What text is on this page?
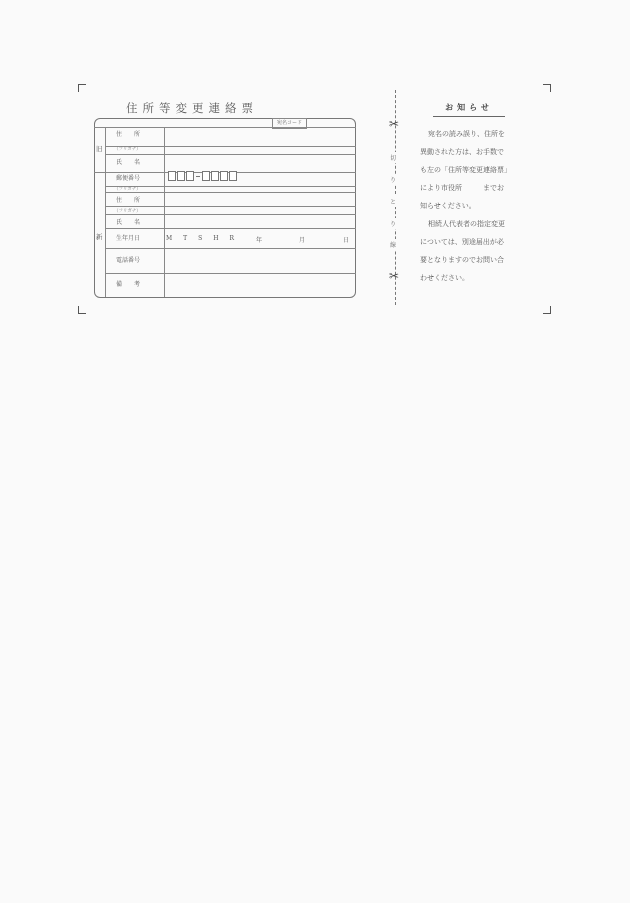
住所等変更連絡票
旧
新
住　　所
（フリガナ）
氏　　名
郵便番号
（フリガナ）
住　　所
（フリガナ）
氏　　名
生年月日	M T S H R	年	月	日
電話番号
備　　考
宛名コード	✂
✂
切
り
と
り
線
お知らせ
宛名の読み誤り、住所を
異動された方は、お手数で
も左の「住所等変更連絡票」
により市役所　　　までお
知らせください。
相続人代表者の指定変更
については、別途届出が必
要となりますのでお問い合
わせください。
